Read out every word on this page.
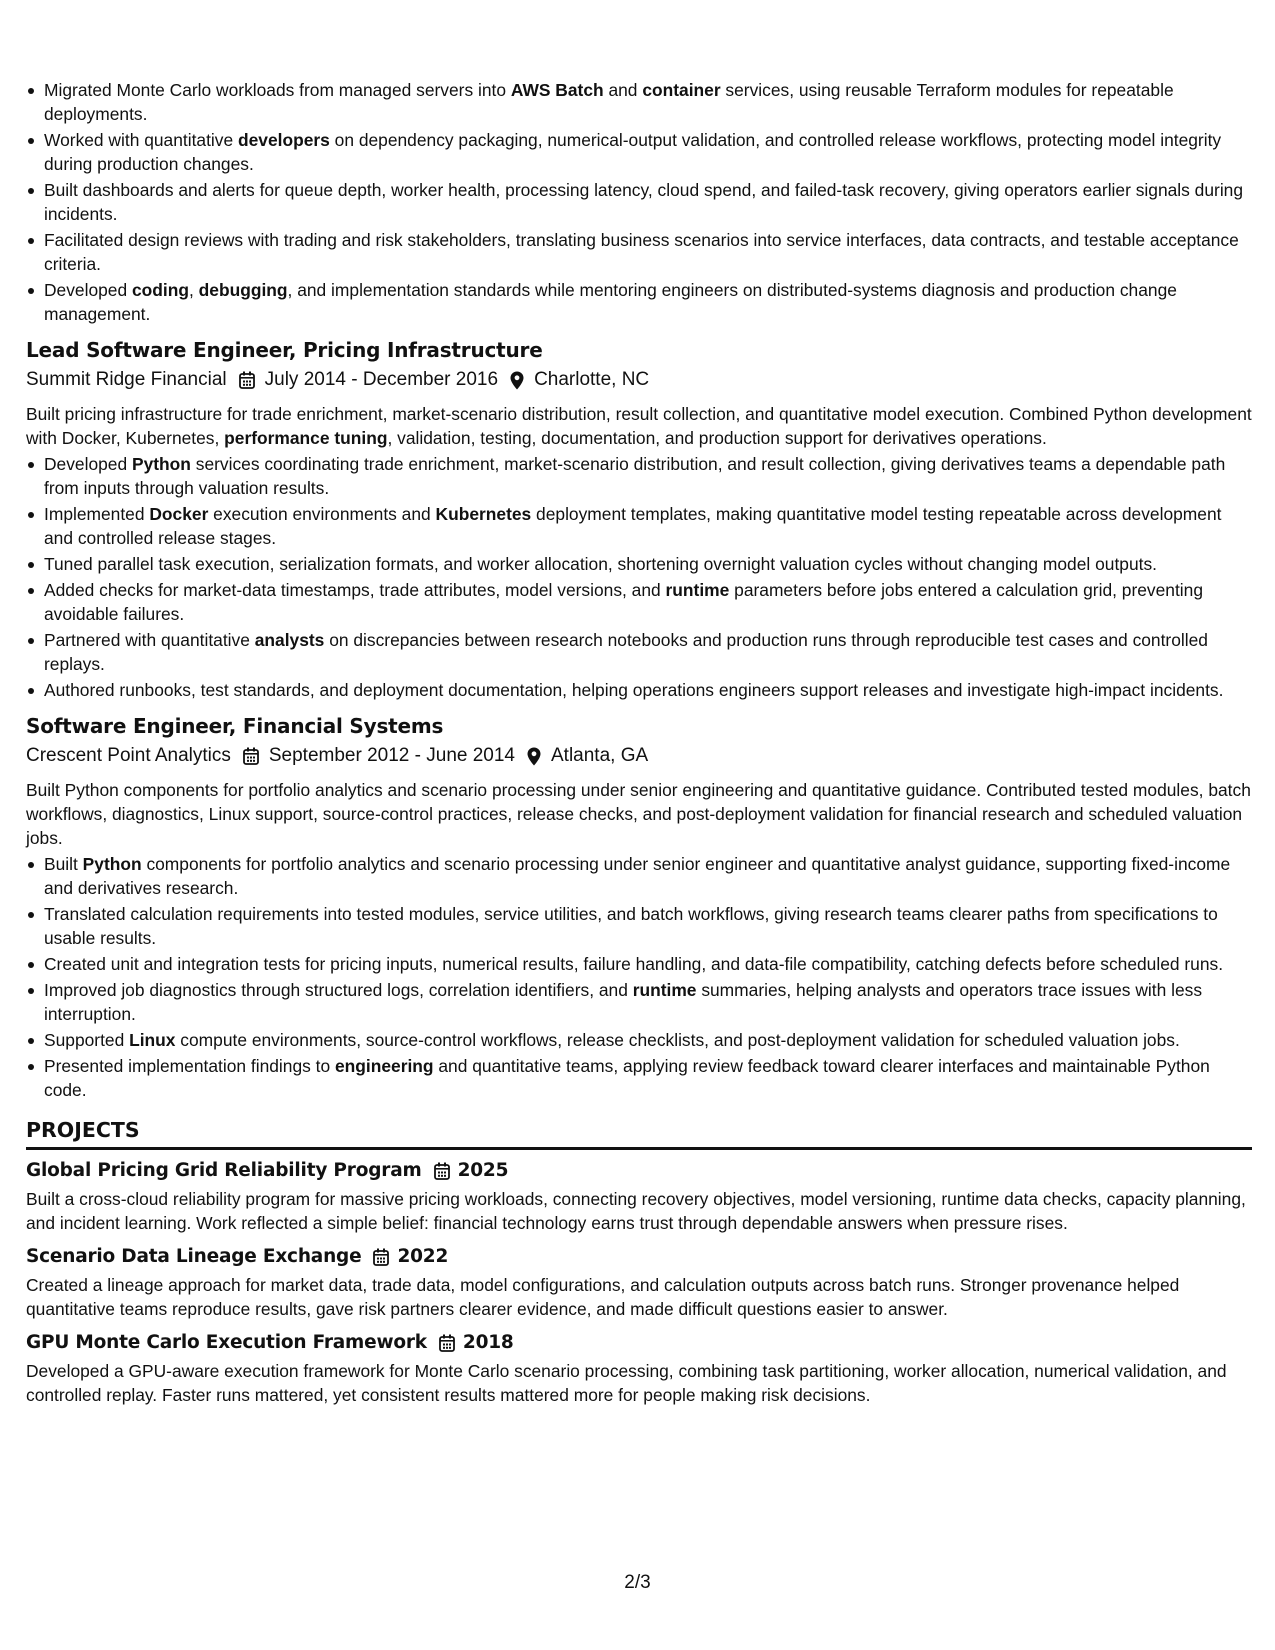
Migrated Monte Carlo workloads from managed servers into AWS Batch and container services, using reusable Terraform modules for repeatable deployments.
Worked with quantitative developers on dependency packaging, numerical-output validation, and controlled release workflows, protecting model integrity during production changes.
Built dashboards and alerts for queue depth, worker health, processing latency, cloud spend, and failed-task recovery, giving operators earlier signals during incidents.
Facilitated design reviews with trading and risk stakeholders, translating business scenarios into service interfaces, data contracts, and testable acceptance criteria.
Developed coding, debugging, and implementation standards while mentoring engineers on distributed-systems diagnosis and production change management.
Lead Software Engineer, Pricing Infrastructure
Summit Ridge Financial July 2014 - December 2016 Charlotte, NC
Built pricing infrastructure for trade enrichment, market-scenario distribution, result collection, and quantitative model execution. Combined Python development with Docker, Kubernetes, performance tuning, validation, testing, documentation, and production support for derivatives operations.
Developed Python services coordinating trade enrichment, market-scenario distribution, and result collection, giving derivatives teams a dependable path from inputs through valuation results.
Implemented Docker execution environments and Kubernetes deployment templates, making quantitative model testing repeatable across development and controlled release stages.
Tuned parallel task execution, serialization formats, and worker allocation, shortening overnight valuation cycles without changing model outputs.
Added checks for market-data timestamps, trade attributes, model versions, and runtime parameters before jobs entered a calculation grid, preventing avoidable failures.
Partnered with quantitative analysts on discrepancies between research notebooks and production runs through reproducible test cases and controlled replays.
Authored runbooks, test standards, and deployment documentation, helping operations engineers support releases and investigate high-impact incidents.
Software Engineer, Financial Systems
Crescent Point Analytics September 2012 - June 2014 Atlanta, GA
Built Python components for portfolio analytics and scenario processing under senior engineering and quantitative guidance. Contributed tested modules, batch workflows, diagnostics, Linux support, source-control practices, release checks, and post-deployment validation for financial research and scheduled valuation jobs.
Built Python components for portfolio analytics and scenario processing under senior engineer and quantitative analyst guidance, supporting fixed-income and derivatives research.
Translated calculation requirements into tested modules, service utilities, and batch workflows, giving research teams clearer paths from specifications to usable results.
Created unit and integration tests for pricing inputs, numerical results, failure handling, and data-file compatibility, catching defects before scheduled runs.
Improved job diagnostics through structured logs, correlation identifiers, and runtime summaries, helping analysts and operators trace issues with less interruption.
Supported Linux compute environments, source-control workflows, release checklists, and post-deployment validation for scheduled valuation jobs.
Presented implementation findings to engineering and quantitative teams, applying review feedback toward clearer interfaces and maintainable Python code.
PROJECTS
Global Pricing Grid Reliability Program 2025
Built a cross-cloud reliability program for massive pricing workloads, connecting recovery objectives, model versioning, runtime data checks, capacity planning, and incident learning. Work reflected a simple belief: financial technology earns trust through dependable answers when pressure rises.
Scenario Data Lineage Exchange 2022
Created a lineage approach for market data, trade data, model configurations, and calculation outputs across batch runs. Stronger provenance helped quantitative teams reproduce results, gave risk partners clearer evidence, and made difficult questions easier to answer.
GPU Monte Carlo Execution Framework 2018
Developed a GPU-aware execution framework for Monte Carlo scenario processing, combining task partitioning, worker allocation, numerical validation, and controlled replay. Faster runs mattered, yet consistent results mattered more for people making risk decisions.
2/3
